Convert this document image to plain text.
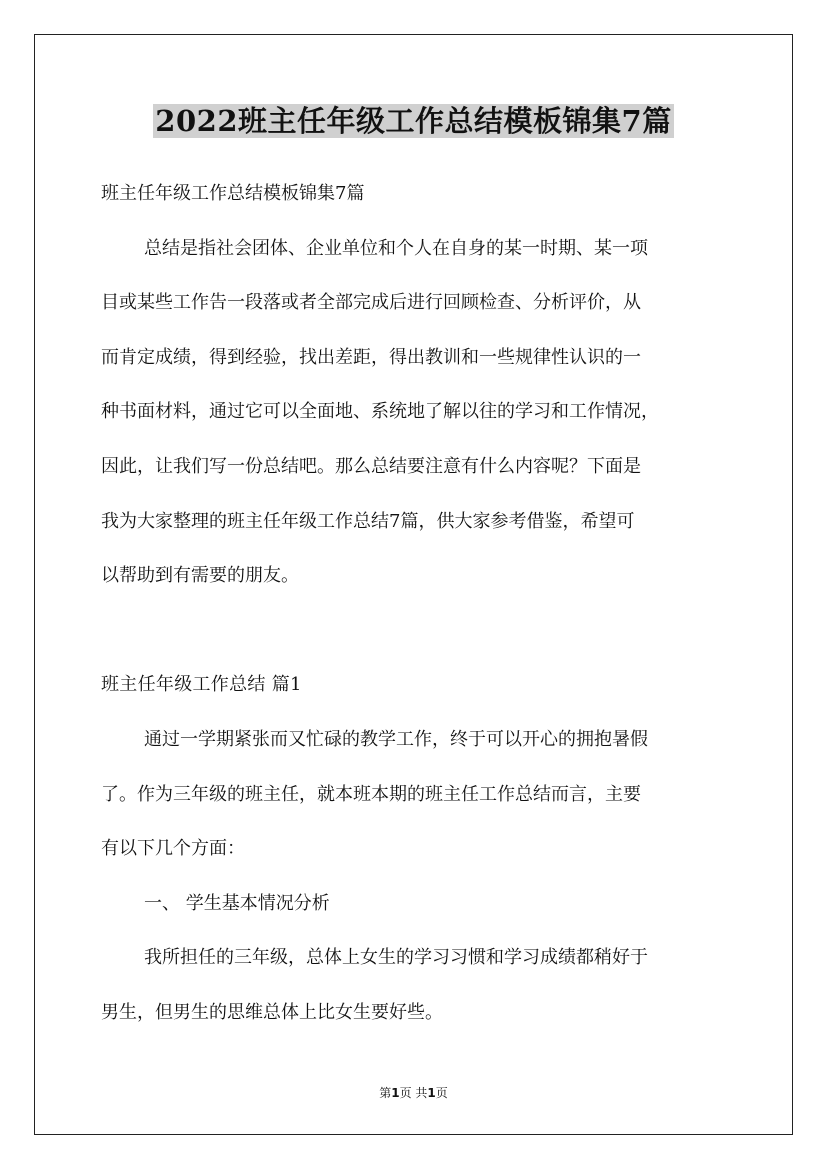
2022班主任年级工作总结模板锦集7篇
班主任年级工作总结模板锦集7篇
总结是指社会团体、企业单位和个人在自身的某一时期、某一项
目或某些工作告一段落或者全部完成后进行回顾检查、分析评价，从
而肯定成绩，得到经验，找出差距，得出教训和一些规律性认识的一
种书面材料，通过它可以全面地、系统地了解以往的学习和工作情况，
因此，让我们写一份总结吧。那么总结要注意有什么内容呢？下面是
我为大家整理的班主任年级工作总结7篇，供大家参考借鉴，希望可
以帮助到有需要的朋友。
班主任年级工作总结 篇1
通过一学期紧张而又忙碌的教学工作，终于可以开心的拥抱暑假
了。作为三年级的班主任，就本班本期的班主任工作总结而言，主要
有以下几个方面：
一、 学生基本情况分析
我所担任的三年级，总体上女生的学习习惯和学习成绩都稍好于
男生，但男生的思维总体上比女生要好些。
第1页 共1页
